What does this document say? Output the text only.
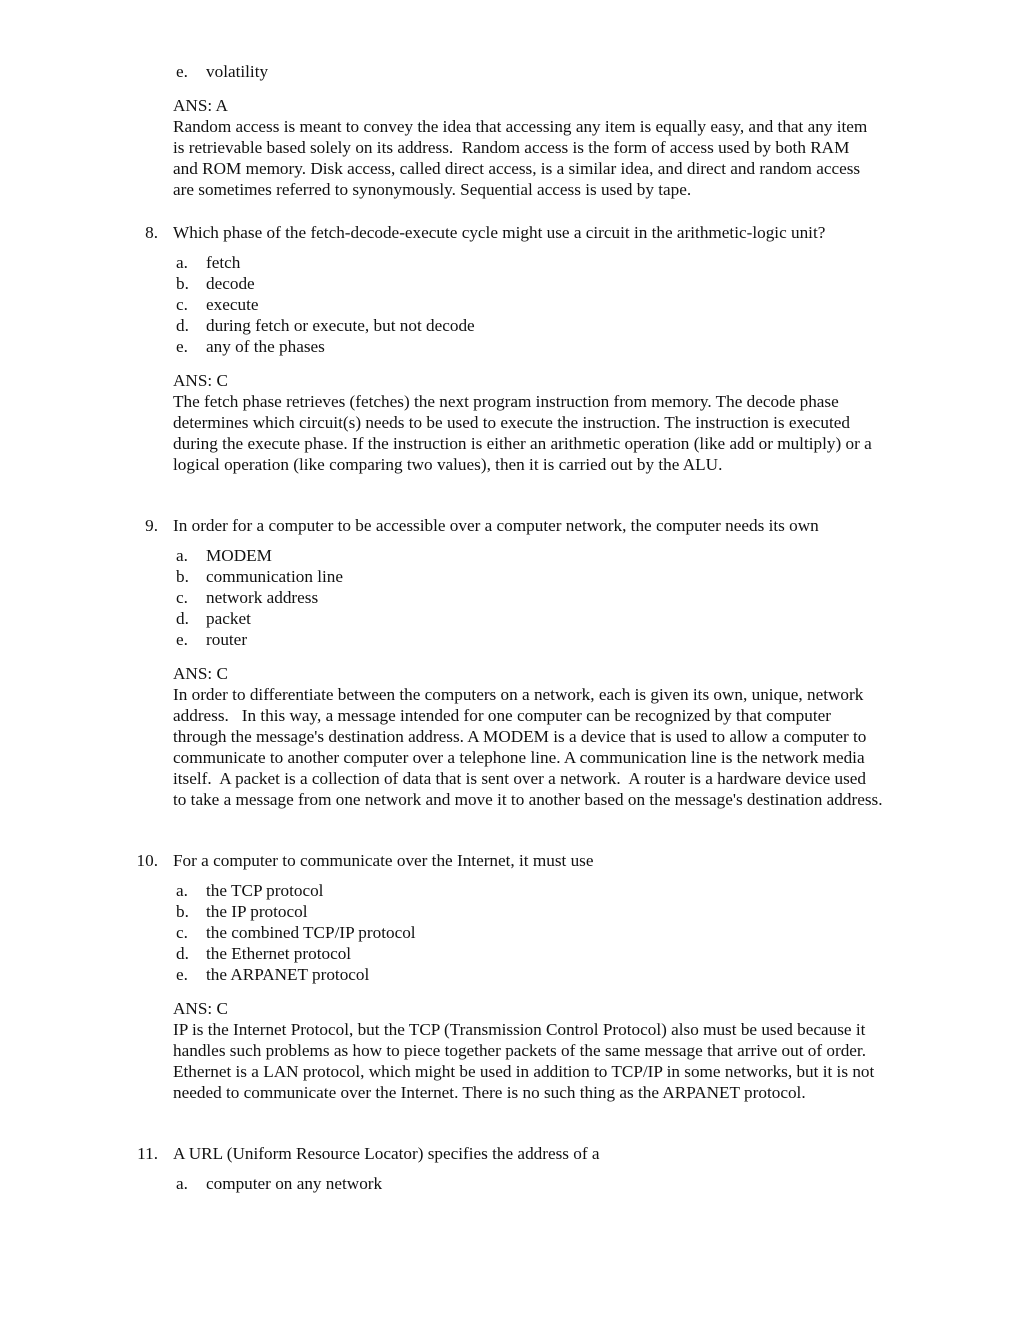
e. volatility
ANS: A
Random access is meant to convey the idea that accessing any item is equally easy, and that any item
is retrievable based solely on its address.  Random access is the form of access used by both RAM
and ROM memory. Disk access, called direct access, is a similar idea, and direct and random access
are sometimes referred to synonymously. Sequential access is used by tape.
8. Which phase of the fetch-decode-execute cycle might use a circuit in the arithmetic-logic unit?
a. fetch
b. decode
c. execute
d. during fetch or execute, but not decode
e. any of the phases
ANS: C
The fetch phase retrieves (fetches) the next program instruction from memory. The decode phase
determines which circuit(s) needs to be used to execute the instruction. The instruction is executed
during the execute phase. If the instruction is either an arithmetic operation (like add or multiply) or a
logical operation (like comparing two values), then it is carried out by the ALU.
9. In order for a computer to be accessible over a computer network, the computer needs its own
a. MODEM
b. communication line
c. network address
d. packet
e. router
ANS: C
In order to differentiate between the computers on a network, each is given its own, unique, network
address.   In this way, a message intended for one computer can be recognized by that computer
through the message's destination address. A MODEM is a device that is used to allow a computer to
communicate to another computer over a telephone line. A communication line is the network media
itself.  A packet is a collection of data that is sent over a network.  A router is a hardware device used
to take a message from one network and move it to another based on the message's destination address.
10. For a computer to communicate over the Internet, it must use
a. the TCP protocol
b. the IP protocol
c. the combined TCP/IP protocol
d. the Ethernet protocol
e. the ARPANET protocol
ANS: C
IP is the Internet Protocol, but the TCP (Transmission Control Protocol) also must be used because it
handles such problems as how to piece together packets of the same message that arrive out of order.
Ethernet is a LAN protocol, which might be used in addition to TCP/IP in some networks, but it is not
needed to communicate over the Internet. There is no such thing as the ARPANET protocol.
11. A URL (Uniform Resource Locator) specifies the address of a
a. computer on any network
